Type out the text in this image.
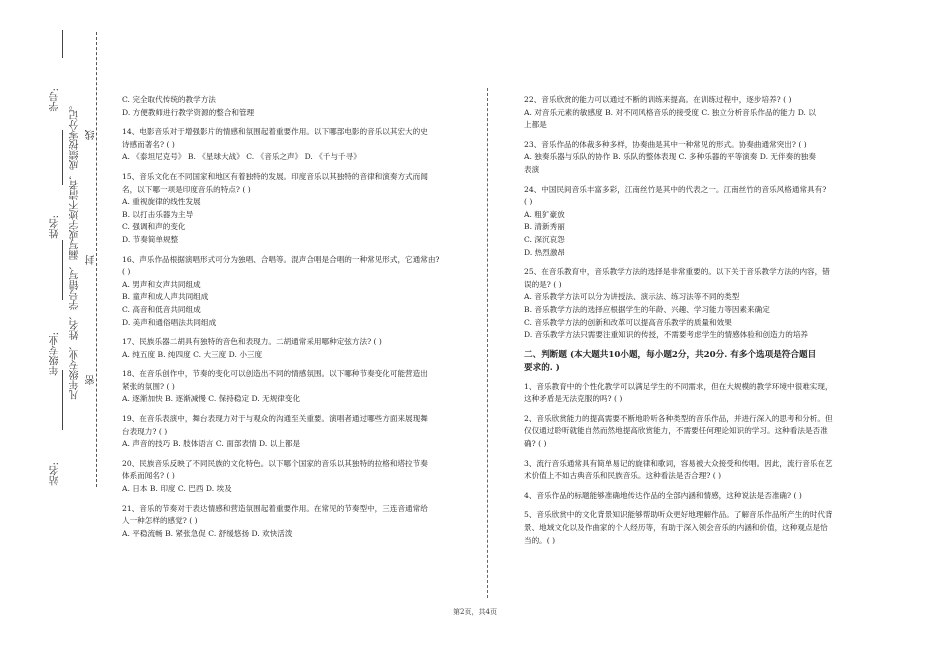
学号:
姓名:
年级专业:
站名:
凡年级专业、姓名、学号错写、漏写或字迹不清者，成绩按零分记。 密
封
线

C. 完全取代传统的教学方法

D. 方便教师进行教学资源的整合和管理

14、电影音乐对于增强影片的情感和氛围起着重要作用。以下哪部电影的音乐以其宏大的史

诗感而著名? ( )

A. 《泰坦尼克号》 B. 《星球大战》 C. 《音乐之声》 D. 《千与千寻》

15、音乐文化在不同国家和地区有着独特的发展。印度音乐以其独特的音律和演奏方式而闻

名，以下哪一项是印度音乐的特点? ( )

A. 重视旋律的线性发展

B. 以打击乐器为主导

C. 强调和声的变化

D. 节奏简单规整

16、声乐作品根据演唱形式可分为独唱、合唱等。混声合唱是合唱的一种常见形式，它通常由?

( )

A. 男声和女声共同组成

B. 童声和成人声共同组成

C. 高音和低音共同组成

D. 美声和通俗唱法共同组成

17、民族乐器二胡具有独特的音色和表现力。二胡通常采用哪种定弦方法? ( )

A. 纯五度 B. 纯四度 C. 大三度 D. 小三度

18、在音乐创作中，节奏的变化可以创造出不同的情感氛围。以下哪种节奏变化可能营造出

紧张的氛围? ( )

A. 逐渐加快 B. 逐渐减慢 C. 保持稳定 D. 无规律变化

19、在音乐表演中，舞台表现力对于与观众的沟通至关重要。演唱者通过哪些方面来展现舞

台表现力? ( )

A. 声音的技巧 B. 肢体语言 C. 面部表情 D. 以上都是

20、民族音乐反映了不同民族的文化特色。以下哪个国家的音乐以其独特的拉格和塔拉节奏

体系而闻名? ( )

A. 日本 B. 印度 C. 巴西 D. 埃及

21、音乐的节奏对于表达情感和营造氛围起着重要作用。在常见的节奏型中，三连音通常给

人一种怎样的感觉? ( )

A. 平稳流畅 B. 紧张急促 C. 舒缓悠扬 D. 欢快活泼

22、音乐欣赏的能力可以通过不断的训练来提高。在训练过程中，逐步培养? ( )

A. 对音乐元素的敏感度 B. 对不同风格音乐的接受度 C. 独立分析音乐作品的能力 D. 以

上都是

23、音乐作品的体裁多种多样，协奏曲是其中一种常见的形式。协奏曲通常突出? ( )

A. 独奏乐器与乐队的协作 B. 乐队的整体表现 C. 多种乐器的平等演奏 D. 无伴奏的独奏

表演

24、中国民间音乐丰富多彩，江南丝竹是其中的代表之一。江南丝竹的音乐风格通常具有?

( )

A. 粗犷豪放

B. 清新秀丽

C. 深沉哀怨

D. 热烈激昂

25、在音乐教育中，音乐教学方法的选择是非常重要的。以下关于音乐教学方法的内容，错

误的是? ( )

A. 音乐教学方法可以分为讲授法、演示法、练习法等不同的类型

B. 音乐教学方法的选择应根据学生的年龄、兴趣、学习能力等因素来确定

C. 音乐教学方法的创新和改革可以提高音乐教学的质量和效果

D. 音乐教学方法只需要注重知识的传授，不需要考虑学生的情感体验和创造力的培养

二、判断题 (本大题共10小题，每小题2分，共20分. 有多个选项是符合题目
要求的. )

1、音乐教育中的个性化教学可以满足学生的不同需求，但在大规模的教学环境中很难实现，

这种矛盾是无法克服的吗? ( )

2、音乐欣赏能力的提高需要不断地聆听各种类型的音乐作品，并进行深入的思考和分析。但

仅仅通过聆听就能自然而然地提高欣赏能力，不需要任何理论知识的学习。这种看法是否准

确? ( )

3、流行音乐通常具有简单易记的旋律和歌词，容易被大众接受和传唱。因此，流行音乐在艺

术价值上不如古典音乐和民族音乐。这种看法是否合理? ( )

4、音乐作品的标题能够准确地传达作品的全部内涵和情感，这种说法是否准确? ( )

5、音乐欣赏中的文化背景知识能够帮助听众更好地理解作品。了解音乐作品所产生的时代背

景、地域文化以及作曲家的个人经历等，有助于深入领会音乐的内涵和价值，这种观点是恰

当的。( )

第2页，共4页
